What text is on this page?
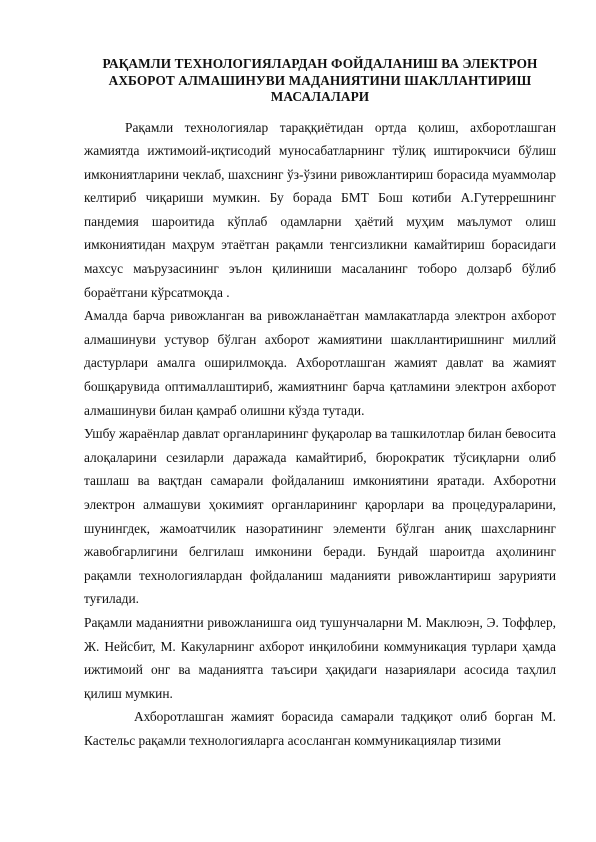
РАҚАМЛИ ТЕХНОЛОГИЯЛАРДАН ФОЙДАЛАНИШ ВА ЭЛЕКТРОН
АХБОРОТ АЛМАШИНУВИ МАДАНИЯТИНИ ШАКЛЛАНТИРИШ
МАСАЛАЛАРИ

Рақамли технологиялар тараққиётидан ортда қолиш, ахборотлашган жамиятда ижтимоий-иқтисодий муносабатларнинг тўлиқ иштирокчиси бўлиш имкониятларини чеклаб, шахснинг ўз-ўзини ривожлантириш борасида муаммолар келтириб чиқариши мумкин. Бу борада БМТ Бош котиби А.Гутеррешнинг пандемия шароитида кўплаб одамларни ҳаётий муҳим маълумот олиш имкониятидан маҳрум этаётган рақамли тенгсизликни камайтириш борасидаги махсус маърузасининг эълон қилиниши масаланинг тоборо долзарб бўлиб бораётгани кўрсатмоқда .

Амалда барча ривожланган ва ривожланаётган мамлакатларда электрон ахборот алмашинуви устувор бўлган ахборот жамиятини шакллантиришнинг миллий дастурлари амалга оширилмоқда. Ахборотлашган жамият давлат ва жамият бошқарувида оптималлаштириб, жамиятнинг барча қатламини электрон ахборот алмашинуви билан қамраб олишни кўзда тутади.

Ушбу жараёнлар давлат органларининг фуқаролар ва ташкилотлар билан бевосита алоқаларини сезиларли даражада камайтириб, бюрократик тўсиқларни олиб ташлаш ва вақтдан самарали фойдаланиш имкониятини яратади. Ахборотни электрон алмашуви ҳокимият органларининг қарорлари ва процедураларини, шунингдек, жамоатчилик назоратининг элементи бўлган аниқ шахсларнинг жавобгарлигини белгилаш имконини беради. Бундай шароитда аҳолининг рақамли технологиялардан фойдаланиш маданияти ривожлантириш зарурияти туғилади.

Рақамли маданиятни ривожланишга оид тушунчаларни М. Маклюэн, Э. Тоффлер, Ж. Нейсбит, М. Какуларнинг ахборот инқилобини коммуникация турлари ҳамда ижтимоий онг ва маданиятга таъсири ҳақидаги назариялари асосида таҳлил қилиш мумкин.

Ахборотлашган жамият борасида самарали тадқиқот олиб борган М. Кастельс рақамли технологияларга асосланган коммуникациялар тизими
